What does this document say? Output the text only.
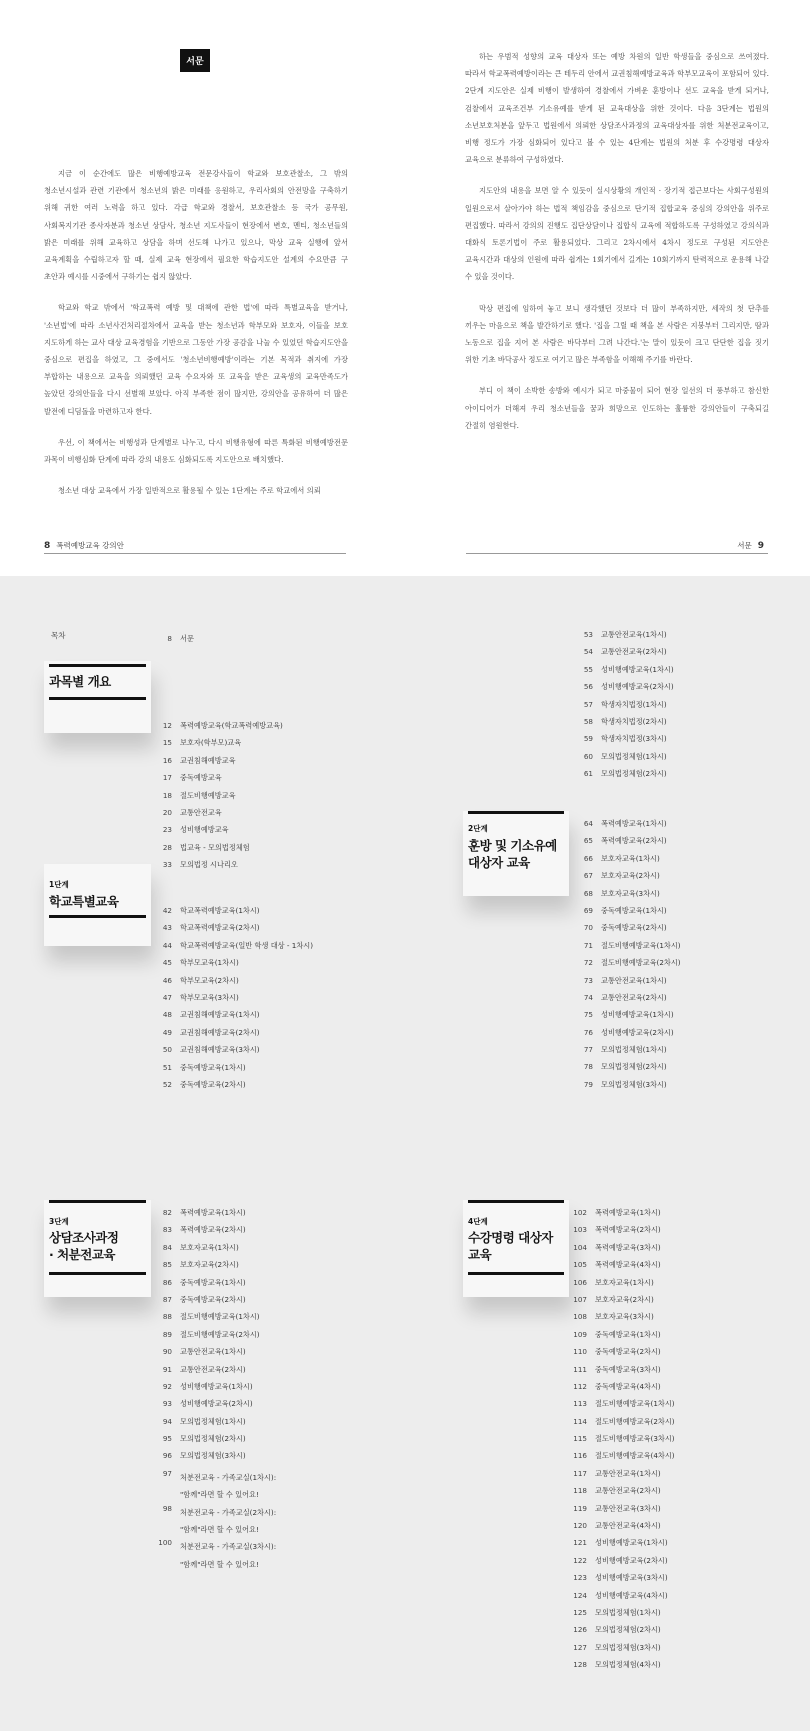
서문

지금 이 순간에도 많은 비행예방교육 전문강사들이 학교와 보호관찰소, 그 밖의 청소년시설과 관련 기관에서 청소년의 밝은 미래를 응원하고, 우리사회의 안전망을 구축하기 위해 귀한 여러 노력을 하고 있다. 각급 학교와 경찰서, 보호관찰소 등 국가 공무원, 사회복지기관 종사자분과 청소년 상담사, 청소년 지도사들이 현장에서 변호, 멘티, 청소년들의 밝은 미래를 위해 교육하고 상담을 하며 선도해 나가고 있으나, 막상 교육 실행에 앞서 교육계획을 수립하고자 할 때, 실제 교육 현장에서 필요한 학습지도안 설계의 수요만큼 구 초안과 예시를 시중에서 구하기는 쉽지 않았다.

학교와 학교 밖에서 '학교폭력 예방 및 대책에 관한 법'에 따라 특별교육을 받거나, '소년법'에 따라 소년사건처리절차에서 교육을 받는 청소년과 학부모와 보호자, 이들을 보호 지도하게 하는 교사 대상 교육경험을 기반으로 그동안 가장 공감을 나눌 수 있었던 학습지도안을 중심으로 편집을 하였고, 그 중에서도 '청소년비행예방'이라는 기본 목적과 취지에 가장 부합하는 내용으로 교육을 의뢰했던 교육 수요자와 또 교육을 받은 교육생의 교육만족도가 높았던 강의안들을 다시 선별해 보았다. 아직 부족한 점이 많지만, 강의안을 공유하여 더 많은 발전에 디딤돌을 마련하고자 한다.

우선, 이 책에서는 비행성과 단계별로 나누고, 다시 비행유형에 따른 특화된 비행예방전문 과목이 비행심화 단계에 따라 강의 내용도 심화되도록 지도안으로 배치했다.

청소년 대상 교육에서 가장 일반적으로 활용될 수 있는 1단계는 주로 학교에서 의뢰

8 폭력예방교육 강의안	서문 9

하는 우범적 성향의 교육 대상자 또는 예방 차원의 일반 학생들을 중심으로 쓰여졌다. 따라서 학교폭력예방이라는 큰 테두리 안에서 교권침해예방교육과 학부모교육이 포함되어 있다. 2단계 지도안은 실제 비행이 발생하여 경찰에서 가벼운 훈방이나 선도 교육을 받게 되거나, 검찰에서 교육조건부 기소유예를 받게 된 교육대상을 위한 것이다. 다음 3단계는 법원의 소년보호처분을 앞두고 법원에서 의뢰한 상담조사과정의 교육대상자를 위한 처분전교육이고, 비행 정도가 가장 심화되어 있다고 볼 수 있는 4단계는 법원의 처분 후 수강명령 대상자 교육으로 분류하여 구성하였다.

지도안의 내용을 보면 알 수 있듯이 실시상황의 개인적 · 장기적 접근보다는 사회구성원의 일원으로서 살아가야 하는 법적 책임감을 중심으로 단기적 집합교육 중심의 강의안을 위주로 편집했다. 따라서 강의의 진행도 집단상담이나 집합식 교육에 적합하도록 구성하였고 강의식과 대화식 토론기법이 주로 활용되었다. 그리고 2차시에서 4차시 정도로 구성된 지도안은 교육시간과 대상의 인원에 따라 쉽게는 1회기에서 길게는 10회기까지 탄력적으로 운용해 나갈 수 있을 것이다.

막상 편집에 임하여 놓고 보니 생각했던 것보다 더 많이 부족하지만, 세작의 첫 단추를 끼우는 마음으로 책을 발간하기로 했다. '집을 그릴 때 책을 본 사람은 지붕부터 그리지만, 땀과 노동으로 집을 지어 본 사람은 바닥부터 그려 나간다.'는 말이 있듯이 크고 단단한 집을 짓기 위한 기초 바닥공사 정도로 여기고 많은 부족함을 이해해 주기를 바란다.

부디 이 책이 소박한 송방와 예시가 되고 마중물이 되어 현장 일선의 더 풍부하고 참신한 아이디어가 더해져 우리 청소년들을 꿈과 희망으로 인도하는 훌륭한 강의안들이 구축되길 간절히 염원한다.

목차	8 서문
과목별 개요
12 폭력예방교육(학교폭력예방교육)
15 보호자(학부모)교육
16 교권침해예방교육
17 중독예방교육
18 절도비행예방교육
20 교통안전교육
23 성비행예방교육
28 법교육 - 모의법정체험
33 모의법정 시나리오
1단계
학교특별교육
42 학교폭력예방교육(1차시)
43 학교폭력예방교육(2차시)
44 학교폭력예방교육(일반 학생 대상 - 1차시)
45 학부모교육(1차시)
46 학부모교육(2차시)
47 학부모교육(3차시)
48 교권침해예방교육(1차시)
49 교권침해예방교육(2차시)
50 교권침해예방교육(3차시)
51 중독예방교육(1차시)
52 중독예방교육(2차시)
53 교통안전교육(1차시)
54 교통안전교육(2차시)
55 성비행예방교육(1차시)
56 성비행예방교육(2차시)
57 학생자치법정(1차시)
58 학생자치법정(2차시)
59 학생자치법정(3차시)
60 모의법정체험(1차시)
61 모의법정체험(2차시)
2단계
훈방 및 기소유예
대상자 교육
64 폭력예방교육(1차시)
65 폭력예방교육(2차시)
66 보호자교육(1차시)
67 보호자교육(2차시)
68 보호자교육(3차시)
69 중독예방교육(1차시)
70 중독예방교육(2차시)
71 절도비행예방교육(1차시)
72 절도비행예방교육(2차시)
73 교통안전교육(1차시)
74 교통안전교육(2차시)
75 성비행예방교육(1차시)
76 성비행예방교육(2차시)
77 모의법정체험(1차시)
78 모의법정체험(2차시)
79 모의법정체험(3차시)
3단계
상담조사과정
· 처분전교육
82 폭력예방교육(1차시)
83 폭력예방교육(2차시)
84 보호자교육(1차시)
85 보호자교육(2차시)
86 중독예방교육(1차시)
87 중독예방교육(2차시)
88 절도비행예방교육(1차시)
89 절도비행예방교육(2차시)
90 교통안전교육(1차시)
91 교통안전교육(2차시)
92 성비행예방교육(1차시)
93 성비행예방교육(2차시)
94 모의법정체험(1차시)
95 모의법정체험(2차시)
96 모의법정체험(3차시)
97 처분전교육 - 가족교실(1차시):
"함께"라면 할 수 있어요!
98 처분전교육 - 가족교실(2차시):
"함께"라면 할 수 있어요!
100 처분전교육 - 가족교실(3차시):
"함께"라면 할 수 있어요!
4단계
수강명령 대상자
교육
102 폭력예방교육(1차시)
103 폭력예방교육(2차시)
104 폭력예방교육(3차시)
105 폭력예방교육(4차시)
106 보호자교육(1차시)
107 보호자교육(2차시)
108 보호자교육(3차시)
109 중독예방교육(1차시)
110 중독예방교육(2차시)
111 중독예방교육(3차시)
112 중독예방교육(4차시)
113 절도비행예방교육(1차시)
114 절도비행예방교육(2차시)
115 절도비행예방교육(3차시)
116 절도비행예방교육(4차시)
117 교통안전교육(1차시)
118 교통안전교육(2차시)
119 교통안전교육(3차시)
120 교통안전교육(4차시)
121 성비행예방교육(1차시)
122 성비행예방교육(2차시)
123 성비행예방교육(3차시)
124 성비행예방교육(4차시)
125 모의법정체험(1차시)
126 모의법정체험(2차시)
127 모의법정체험(3차시)
128 모의법정체험(4차시)
